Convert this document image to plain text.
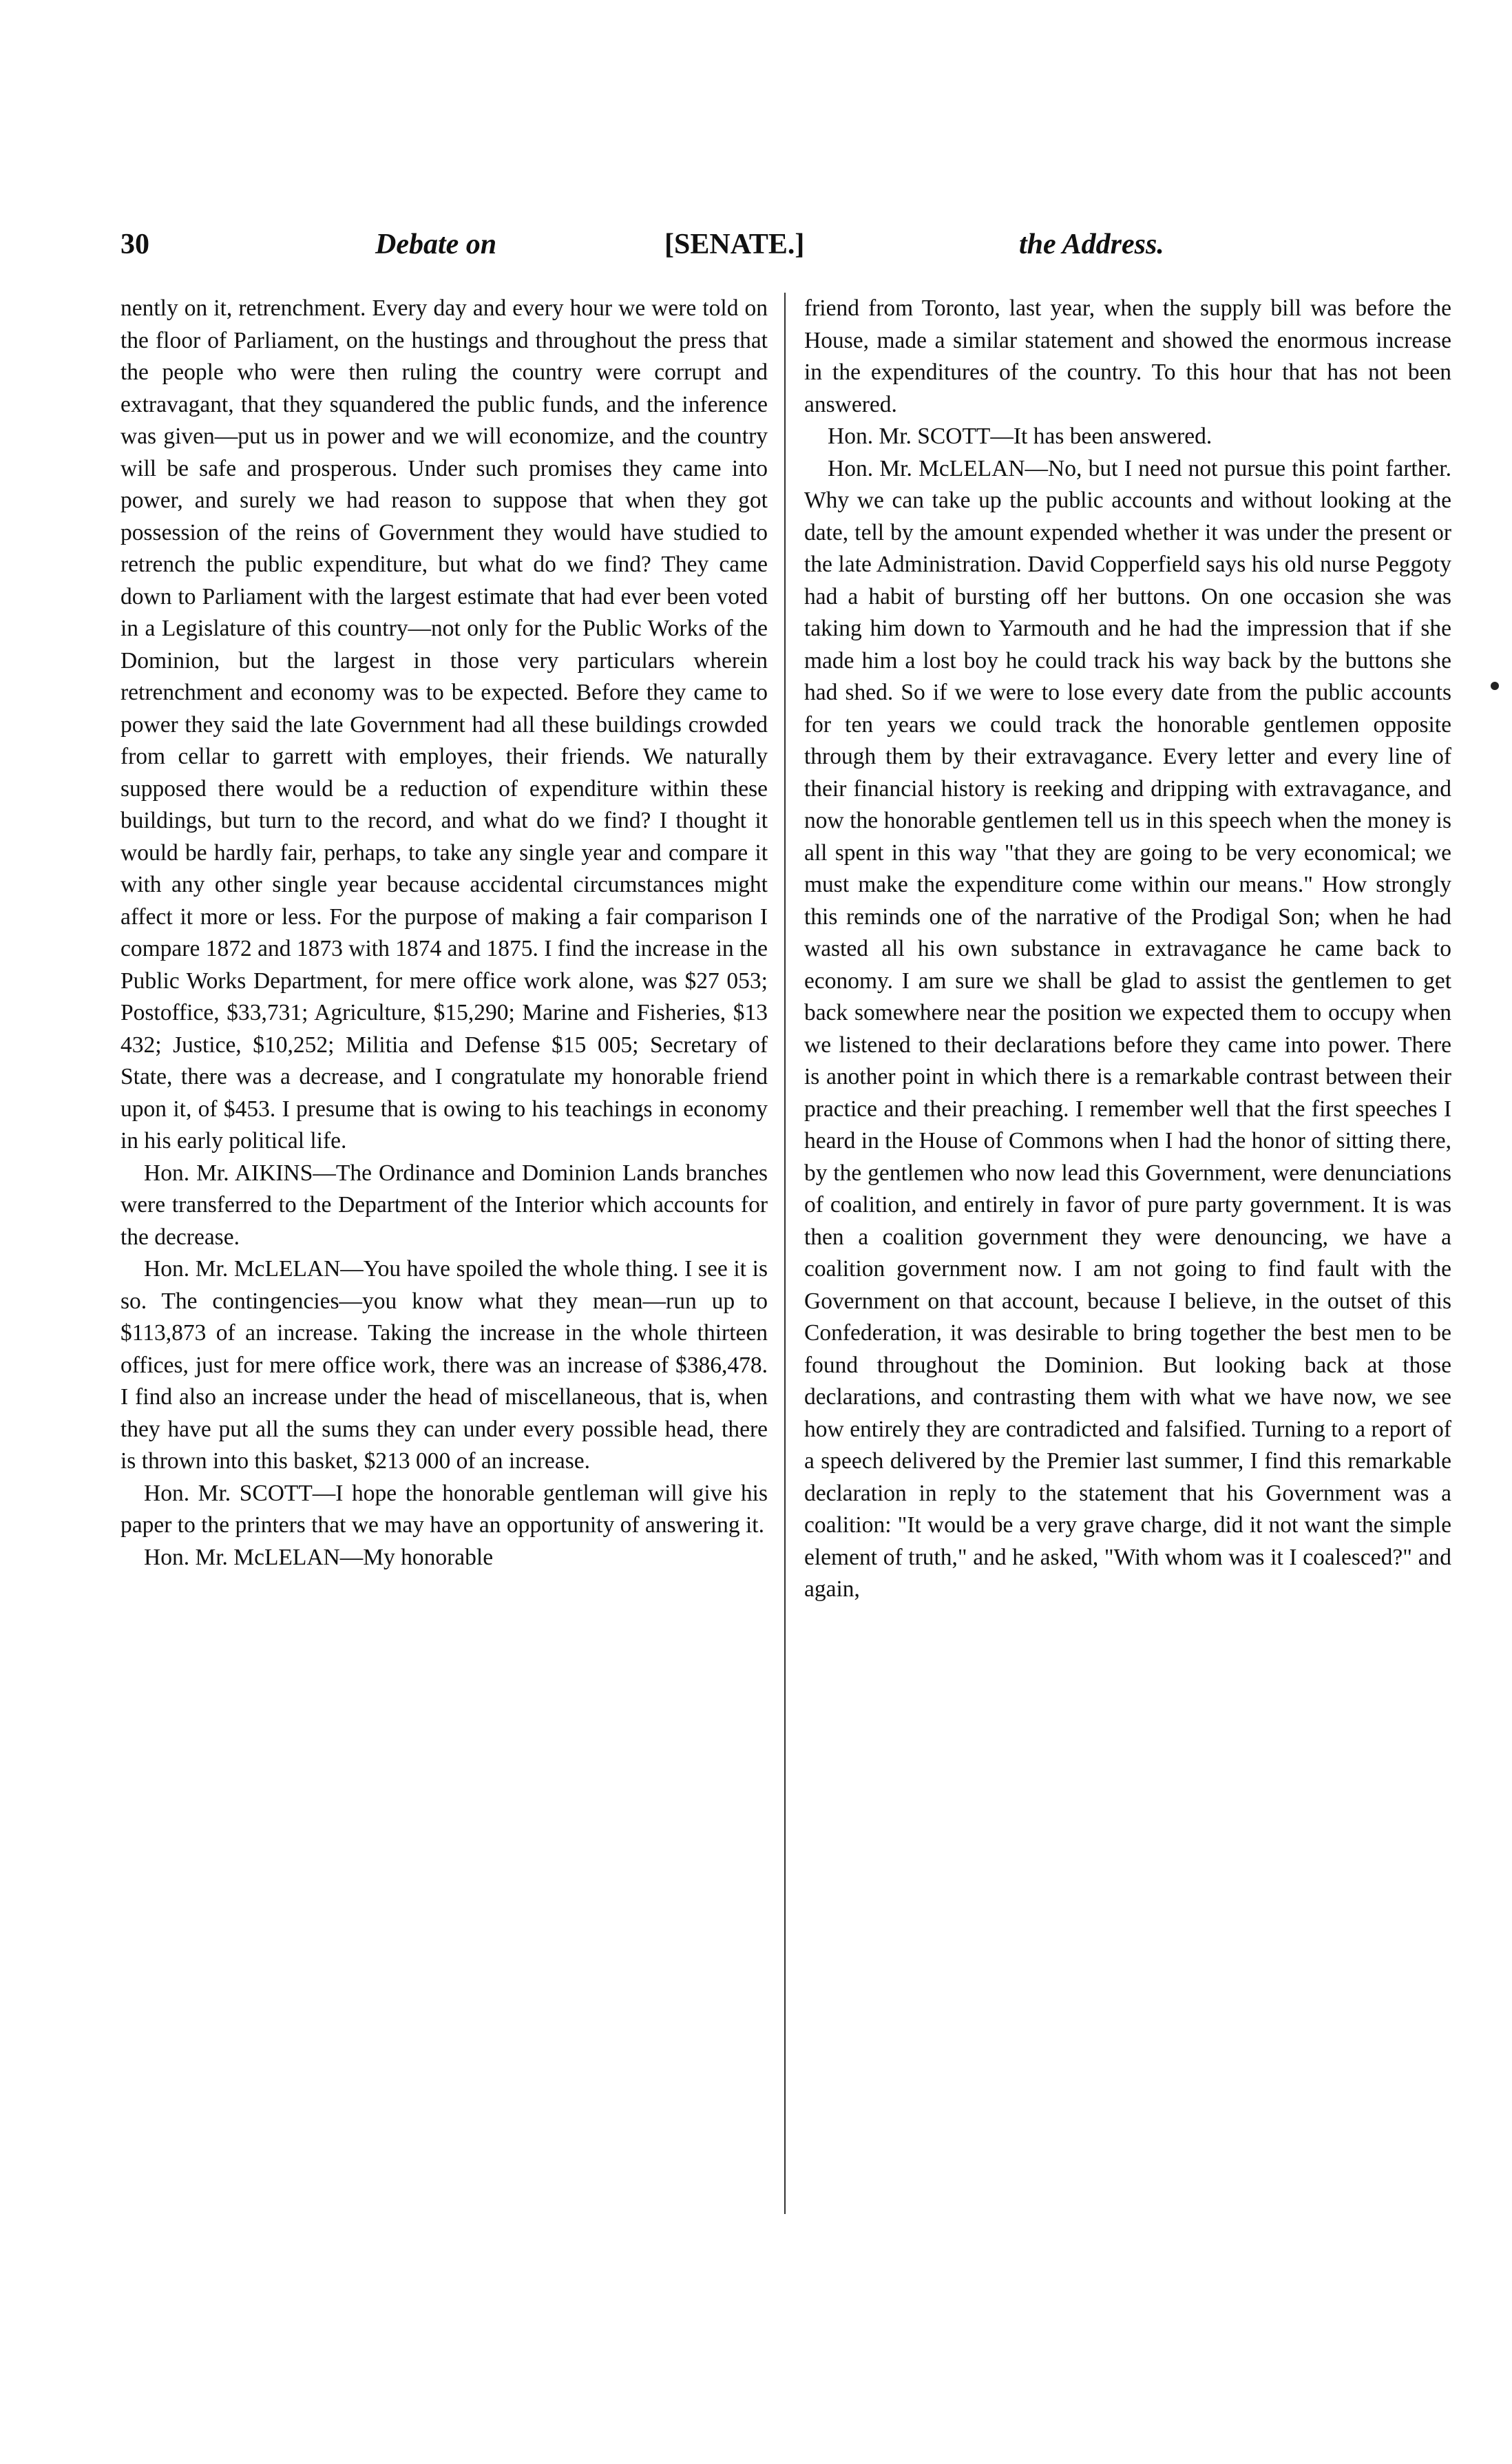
30	Debate on	[SENATE.]	the Address.

nently on it, retrenchment. Every day and every hour we were told on the floor of Parliament, on the hustings and throughout the press that the people who were then ruling the country were corrupt and extravagant, that they squandered the public funds, and the inference was given—put us in power and we will economize, and the country will be safe and prosperous. Under such promises they came into power, and surely we had reason to suppose that when they got possession of the reins of Government they would have studied to retrench the public expenditure, but what do we find? They came down to Parliament with the largest estimate that had ever been voted in a Legislature of this country—not only for the Public Works of the Dominion, but the largest in those very particulars wherein retrenchment and economy was to be expected. Before they came to power they said the late Government had all these buildings crowded from cellar to garrett with employes, their friends. We naturally supposed there would be a reduction of expenditure within these buildings, but turn to the record, and what do we find? I thought it would be hardly fair, perhaps, to take any single year and compare it with any other single year because accidental circumstances might affect it more or less. For the purpose of making a fair comparison I compare 1872 and 1873 with 1874 and 1875. I find the increase in the Public Works Department, for mere office work alone, was $27 053; Postoffice, $33,731; Agriculture, $15,290; Marine and Fisheries, $13 432; Justice, $10,252; Militia and Defense $15 005; Secretary of State, there was a decrease, and I congratulate my honorable friend upon it, of $453. I presume that is owing to his teachings in economy in his early political life.

Hon. Mr. AIKINS—The Ordinance and Dominion Lands branches were transferred to the Department of the Interior which accounts for the decrease.

Hon. Mr. McLELAN—You have spoiled the whole thing. I see it is so. The contingencies—you know what they mean—run up to $113,873 of an increase. Taking the increase in the whole thirteen offices, just for mere office work, there was an increase of $386,478. I find also an increase under the head of miscellaneous, that is, when they have put all the sums they can under every possible head, there is thrown into this basket, $213 000 of an increase.

Hon. Mr. SCOTT—I hope the honorable gentleman will give his paper to the printers that we may have an opportunity of answering it.

Hon. Mr. McLELAN—My honorable

friend from Toronto, last year, when the supply bill was before the House, made a similar statement and showed the enormous increase in the expenditures of the country. To this hour that has not been answered.

Hon. Mr. SCOTT—It has been answered.

Hon. Mr. McLELAN—No, but I need not pursue this point farther. Why we can take up the public accounts and without looking at the date, tell by the amount expended whether it was under the present or the late Administration. David Copperfield says his old nurse Peggoty had a habit of bursting off her buttons. On one occasion she was taking him down to Yarmouth and he had the impression that if she made him a lost boy he could track his way back by the buttons she had shed. So if we were to lose every date from the public accounts for ten years we could track the honorable gentlemen opposite through them by their extravagance. Every letter and every line of their financial history is reeking and dripping with extravagance, and now the honorable gentlemen tell us in this speech when the money is all spent in this way "that they are going to be very economical; we must make the expenditure come within our means." How strongly this reminds one of the narrative of the Prodigal Son; when he had wasted all his own substance in extravagance he came back to economy. I am sure we shall be glad to assist the gentlemen to get back somewhere near the position we expected them to occupy when we listened to their declarations before they came into power. There is another point in which there is a remarkable contrast between their practice and their preaching. I remember well that the first speeches I heard in the House of Commons when I had the honor of sitting there, by the gentlemen who now lead this Government, were denunciations of coalition, and entirely in favor of pure party government. It is was then a coalition government they were denouncing, we have a coalition government now. I am not going to find fault with the Government on that account, because I believe, in the outset of this Confederation, it was desirable to bring together the best men to be found throughout the Dominion. But looking back at those declarations, and contrasting them with what we have now, we see how entirely they are contradicted and falsified. Turning to a report of a speech delivered by the Premier last summer, I find this remarkable declaration in reply to the statement that his Government was a coalition: "It would be a very grave charge, did it not want the simple element of truth," and he asked, "With whom was it I coalesced?" and again,
